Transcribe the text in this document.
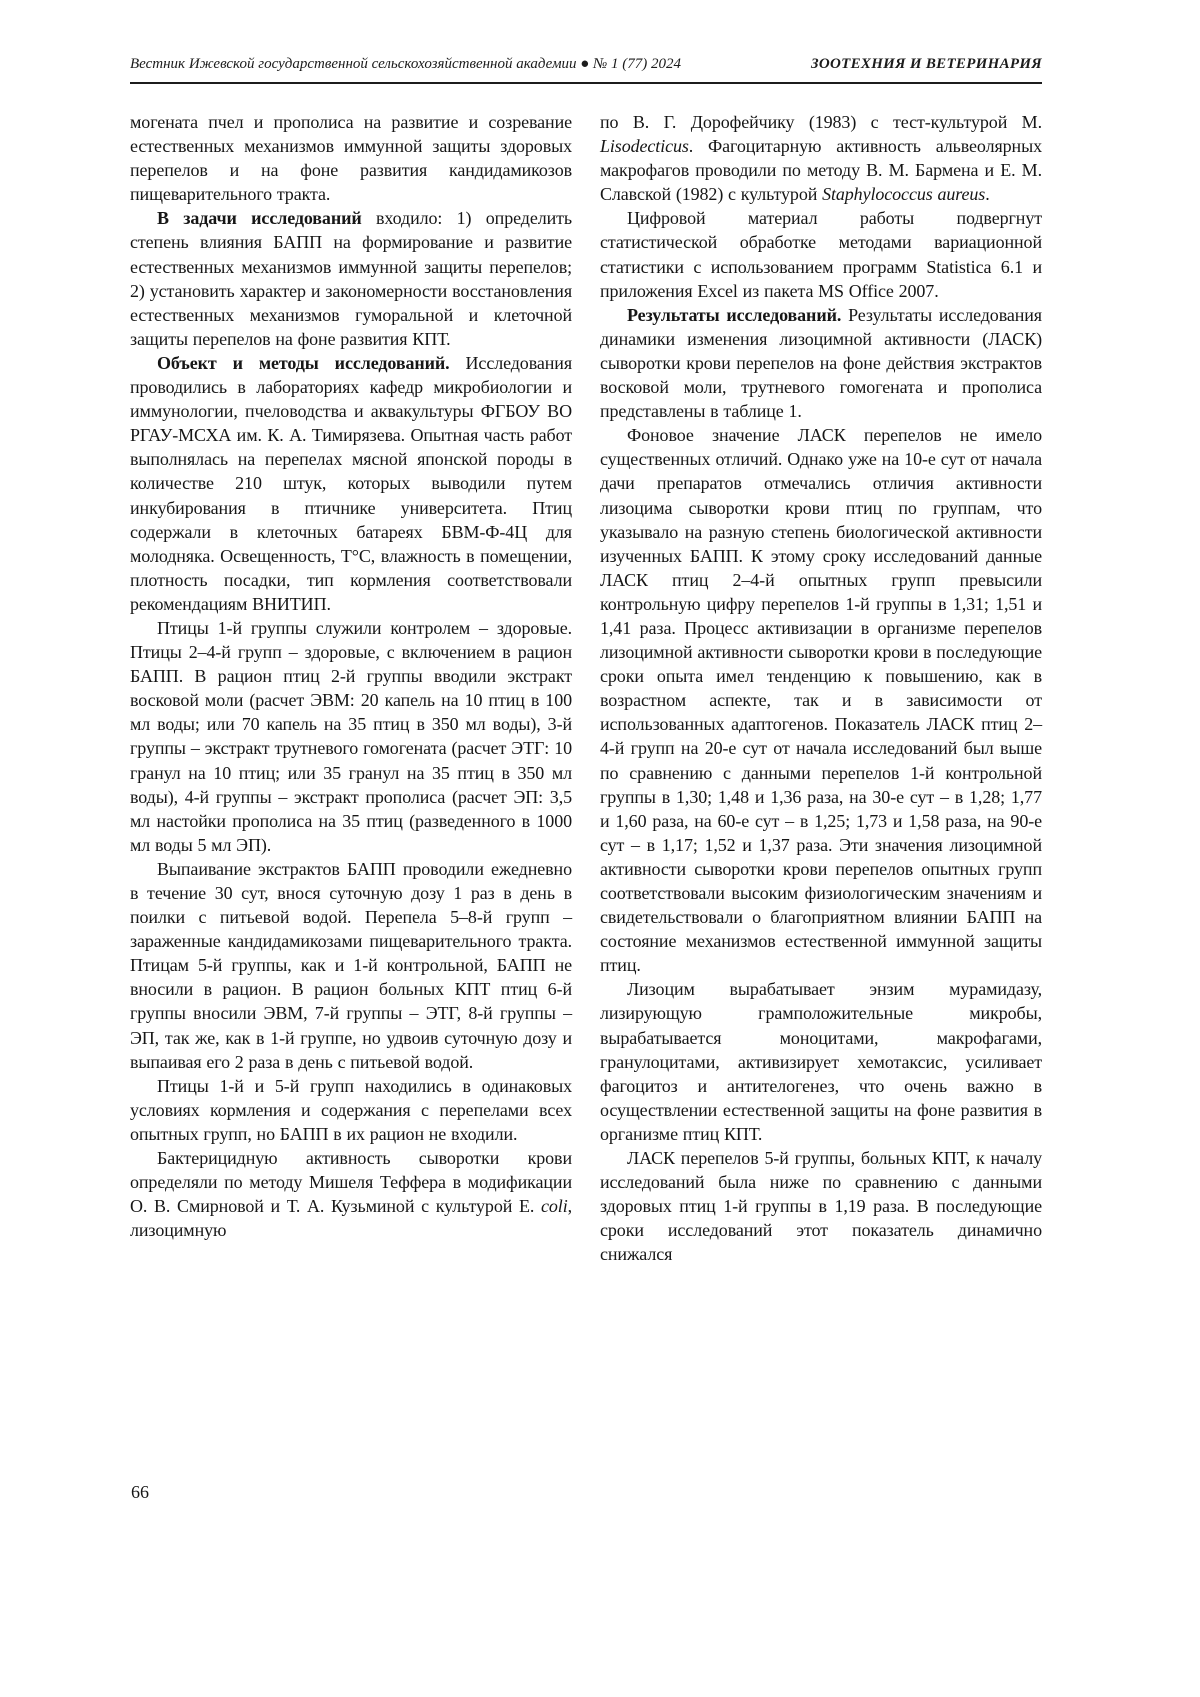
Вестник Ижевской государственной сельскохозяйственной академии ● № 1 (77) 2024	ЗООТЕХНИЯ И ВЕТЕРИНАРИЯ

могената пчел и прополиса на развитие и созревание естественных механизмов иммунной защиты здоровых перепелов и на фоне развития кандидамикозов пищеварительного тракта.

В задачи исследований входило: 1) определить степень влияния БАПП на формирование и развитие естественных механизмов иммунной защиты перепелов; 2) установить характер и закономерности восстановления естественных механизмов гуморальной и клеточной защиты перепелов на фоне развития КПТ.

Объект и методы исследований. Исследования проводились в лабораториях кафедр микробиологии и иммунологии, пчеловодства и аквакультуры ФГБОУ ВО РГАУ-МСХА им. К. А. Тимирязева. Опытная часть работ выполнялась на перепелах мясной японской породы в количестве 210 штук, которых выводили путем инкубирования в птичнике университета. Птиц содержали в клеточных батареях БВМ-Ф-4Ц для молодняка. Освещенность, Т°С, влажность в помещении, плотность посадки, тип кормления соответствовали рекомендациям ВНИТИП.

Птицы 1-й группы служили контролем – здоровые. Птицы 2–4-й групп – здоровые, с включением в рацион БАПП. В рацион птиц 2-й группы вводили экстракт восковой моли (расчет ЭВМ: 20 капель на 10 птиц в 100 мл воды; или 70 капель на 35 птиц в 350 мл воды), 3-й группы – экстракт трутневого гомогената (расчет ЭТГ: 10 гранул на 10 птиц; или 35 гранул на 35 птиц в 350 мл воды), 4-й группы – экстракт прополиса (расчет ЭП: 3,5 мл настойки прополиса на 35 птиц (разведенного в 1000 мл воды 5 мл ЭП).

Выпаивание экстрактов БАПП проводили ежедневно в течение 30 сут, внося суточную дозу 1 раз в день в поилки с питьевой водой. Перепела 5–8-й групп – зараженные кандидамикозами пищеварительного тракта. Птицам 5-й группы, как и 1-й контрольной, БАПП не вносили в рацион. В рацион больных КПТ птиц 6-й группы вносили ЭВМ, 7-й группы – ЭТГ, 8-й группы – ЭП, так же, как в 1-й группе, но удвоив суточную дозу и выпаивая его 2 раза в день с питьевой водой.

Птицы 1-й и 5-й групп находились в одинаковых условиях кормления и содержания с перепелами всех опытных групп, но БАПП в их рацион не входили.

Бактерицидную активность сыворотки крови определяли по методу Мишеля Теффера в модификации О. В. Смирновой и Т. А. Кузьминой с культурой E. coli, лизоцимную

по В. Г. Дорофейчику (1983) с тест-культурой M. Lisodecticus. Фагоцитарную активность альвеолярных макрофагов проводили по методу В. М. Бармена и Е. М. Славской (1982) с культурой Staphylococcus aureus.

Цифровой материал работы подвергнут статистической обработке методами вариационной статистики с использованием программ Statistica 6.1 и приложения Excel из пакета MS Office 2007.

Результаты исследований. Результаты исследования динамики изменения лизоцимной активности (ЛАСК) сыворотки крови перепелов на фоне действия экстрактов восковой моли, трутневого гомогената и прополиса представлены в таблице 1.

Фоновое значение ЛАСК перепелов не имело существенных отличий. Однако уже на 10-е сут от начала дачи препаратов отмечались отличия активности лизоцима сыворотки крови птиц по группам, что указывало на разную степень биологической активности изученных БАПП. К этому сроку исследований данные ЛАСК птиц 2–4-й опытных групп превысили контрольную цифру перепелов 1-й группы в 1,31; 1,51 и 1,41 раза. Процесс активизации в организме перепелов лизоцимной активности сыворотки крови в последующие сроки опыта имел тенденцию к повышению, как в возрастном аспекте, так и в зависимости от использованных адаптогенов. Показатель ЛАСК птиц 2–4-й групп на 20-е сут от начала исследований был выше по сравнению с данными перепелов 1-й контрольной группы в 1,30; 1,48 и 1,36 раза, на 30-е сут – в 1,28; 1,77 и 1,60 раза, на 60-е сут – в 1,25; 1,73 и 1,58 раза, на 90-е сут – в 1,17; 1,52 и 1,37 раза. Эти значения лизоцимной активности сыворотки крови перепелов опытных групп соответствовали высоким физиологическим значениям и свидетельствовали о благоприятном влиянии БАПП на состояние механизмов естественной иммунной защиты птиц.

Лизоцим вырабатывает энзим мурамидазу, лизирующую грамположительные микробы, вырабатывается моноцитами, макрофагами, гранулоцитами, активизирует хемотаксис, усиливает фагоцитоз и антителогенез, что очень важно в осуществлении естественной защиты на фоне развития в организме птиц КПТ.

ЛАСК перепелов 5-й группы, больных КПТ, к началу исследований была ниже по сравнению с данными здоровых птиц 1-й группы в 1,19 раза. В последующие сроки исследований этот показатель динамично снижался

66
